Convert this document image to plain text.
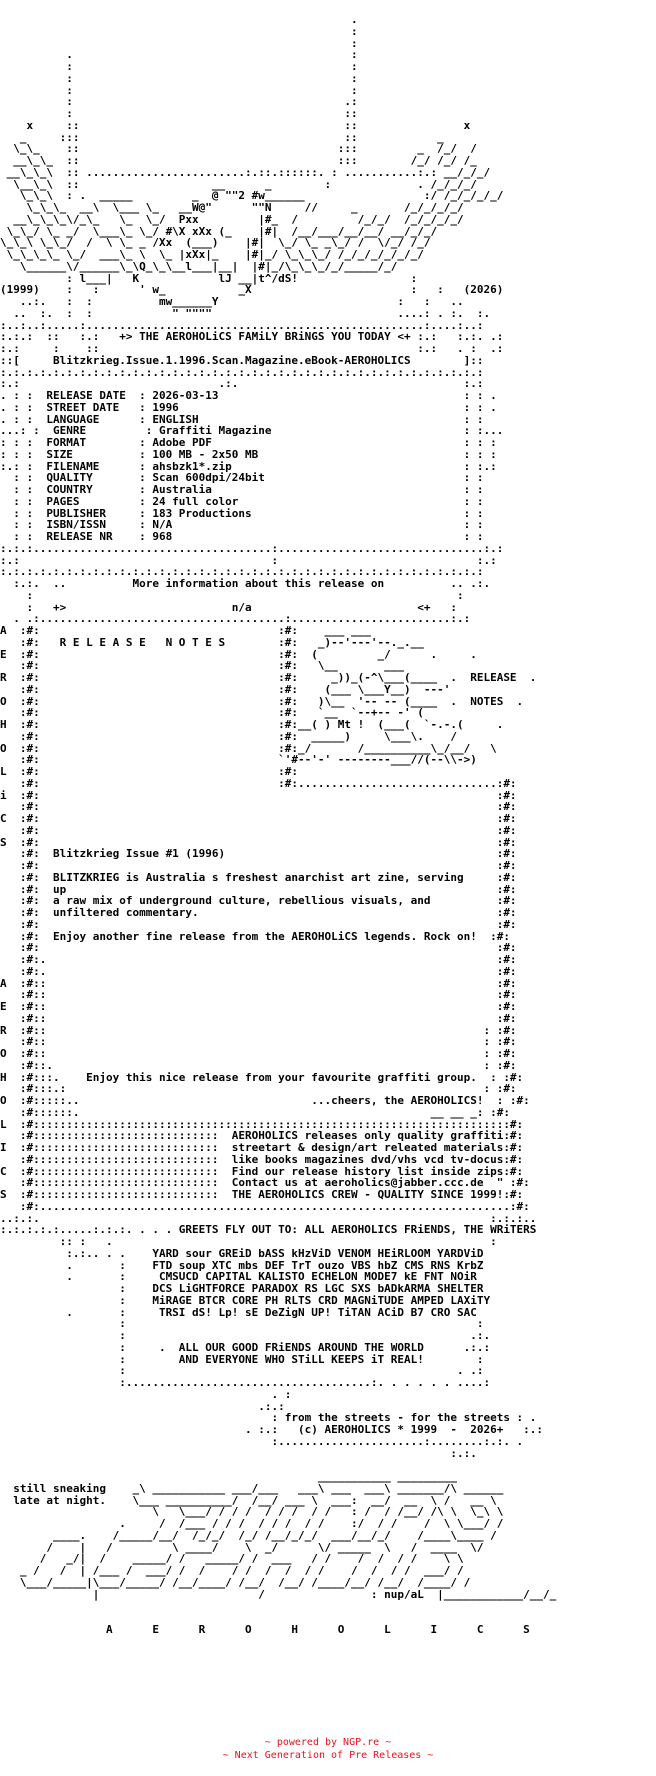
.
:
:
.                                          :
:                                          :
:                                          :
:                                          :
:                                         .:
:                                         ::
x     ::                                        ::                x
_     :::                                        ::            _
\_\_    ::                                       :::         _  /_/  /
__\_\_  ::                                       :::        /_/ /_/ /_
__\_\_\  :: ........................:.::.::::::. : ...........:.: __/_/_/
\__\_\  ::                    __      _        :             . /_/_/_/
\_\_\  : .  _____         _  @ ""2 #w______                  :/ /_/_/_/_/
\_\_\_  __\  \___ \_   __W@"      ""N     //     _       /_/_/_/_/
__\_\_\_\/_\_   \_  \_/  Pxx         |#_  /         /_/_/  /_/_/_/_/
\_\_/ \_ _/  \___\_ \_/ #\X xXx (_    |#|  /__/___/__/__/ __/_/_/
\_\_\ \_\_/  /  \ \_ _ /Xx  (___)    |#|  \_/ \_ _\_/ /  \/_/ /_/
\_\_\_\_ \_/  ___\_ \  \_ |xXx|_    |#|_/ \_\_\_/ /_/_/_/_/_/_/
\______\/______\_\Q_\_\__l___|__|  |#|_/\_\_\_/_/_____/_/
: l___|   K            lJ __|t^/dS!                 :
(1999)    :   :      ' w_           _X                        :   :   (2026)
..:.   :  :          mw______Y                           :   :   ..
..  :.  :  :            " """"                            ....: . :.  :.
:..:..:.....:...................................................:....:..:
:.:.:  ::   :.:   +> THE AEROHOLiCS FAMiLY BRiNGS YOU TODAY <+ :.:   :.:. .:
:.:     :    ::                                                :.:   . :  .:
::[     Blitzkrieg.Issue.1.1996.Scan.Magazine.eBook-AEROHOLICS        ]::
:.:.:.:.:.:.:.:.:.:.:.:.:.:.:.:.:.:.:.:.:.:.:.:.:.:.:.:.:.:.:.:.:.:.:.:.:
:.:                              .:.                                  :.:
. : :  RELEASE DATE  : 2026-03-13                                     : : .
. : :  STREET DATE   : 1996                                           : : .
. : :  LANGUAGE      : ENGLISH                                        : :
...: :  GENRE         : Graffiti Magazine                             : :...
: : :  FORMAT        : Adobe PDF                                      : : :
: : :  SIZE          : 100 MB - 2x50 MB                               : : :
:.: :  FILENAME      : ahsbzk1*.zip                                   : :.:
: :  QUALITY       : Scan 600dpi/24bit                              : :
: :  COUNTRY       : Australia                                      : :
: :  PAGES         : 24 full color                                  : :
: :  PUBLISHER     : 183 Productions                                : :
: :  ISBN/ISSN     : N/A                                            : :
: :  RELEASE NR    : 968                                            : :
:.:.:....................................:...............................:.:
:.:                                      :                              :.:
:.:.:.:.:.:.:.:.:.:.:.:.:.:.:.:.:.:.:.:.:.:.:.:.:.:.:.:.:.:.:.:.:.:.:.:.:
:.:.  ..          More information about this release on          .. .:.
:                                                                :
:   +>                         n/a                         <+   :
. .:.....................................:........................:.:
A  :#:                                    :#:    ___ ___
:#:   R E L E A S E   N O T E S        :#:   _)--'---'--._.__
E  :#:                                    :#:  (         _/      .     .
:#:                                    :#:   \__       ___
R  :#:                                    :#:     _))_(-^\___(____  .  RELEASE  .
:#:                                    :#:    (___ \___Y__)  ---'
O  :#:                                    :#:   )\__  '-- -- (____  .  NOTES  .
:#:                                    :#:   `__  `--+-- -' (
H  :#:                                    :#:__( ) Mt !  (___(  `-.-.(     .
:#:                                    :#:  _____)     \___\.    /
O  :#:                                    :#:_/       /__________\_/__/   \
:#:                                    `'#--'-' --------___//(--\\->)
L  :#:                                    :#:
:#:                                    :#:..............................:#:
i  :#:                                                                     :#:
:#:                                                                     :#:
C  :#:                                                                     :#:
:#:                                                                     :#:
S  :#:                                                                     :#:
:#:  Blitzkrieg Issue #1 (1996)                                         :#:
:#:                                                                     :#:
:#:  BLITZKRIEG is Australia s freshest anarchist art zine, serving     :#:
:#:  up                                                                 :#:
:#:  a raw mix of underground culture, rebellious visuals, and          :#:
:#:  unfiltered commentary.                                             :#:
:#:                                                                     :#:
:#:  Enjoy another fine release from the AEROHOLiCS legends. Rock on!  :#:
:#:                                                                     :#:
:#:.                                                                    :#:
:#:.                                                                    :#:
A  :#::                                                                    :#:
:#::                                                                    :#:
E  :#::                                                                    :#:
:#::                                                                    :#:
R  :#::                                                                  : :#:
:#::                                                                  : :#:
O  :#::                                                                  : :#:
:#::.                                                                 : :#:
H  :#:::.    Enjoy this nice release from your favourite graffiti group.  : :#:
:#:::.:                                                               : :#:
O  :#:::::..                                   ...cheers, the AEROHOLICS!  : :#:
:#::::::.                                                     __ __ _: :#:
L  :#::::::::::::::::::::::::::::::::::::::::::::::::::::::::::::::::::::::::#:
:#::::::::::::::::::::::::::::  AEROHOLICS releases only quality graffiti:#:
I  :#::::::::::::::::::::::::::::  streetart & design/art releated materials:#:
:#::::::::::::::::::::::::::::  like books magazines dvd/vhs vcd tv-docus:#:
C  :#::::::::::::::::::::::::::::  Find our release history list inside zips:#:
:#::::::::::::::::::::::::::::  Contact us at aeroholics@jabber.ccc.de  " :#:
S  :#::::::::::::::::::::::::::::  THE AEROHOLICS CREW - QUALITY SINCE 1999!:#:
:#:.......................................................................:#:
..:.:.                                                                    :.:.:..
:.:.:.:.:.....:.:.:. . . . GREETS FLY OUT TO: ALL AEROHOLICS FRiENDS, THE WRiTERS
:: :   .                                                         :
:.:.. . .    YARD sour GREiD bASS kHzViD VENOM HEiRLOOM YARDViD
.       :    FTD soup XTC mbs DEF TrT ouzo VBS hbZ CMS RNS KrbZ
.       :     CMSUCD CAPITAL KALISTO ECHELON MODE7 kE FNT NOiR
:    DCS LiGHTFORCE PARADOX RS LGC SXS bADkARMA SHELTER
:    MiRAGE BTCR CORE PH RLTS CRD MAGNiTUDE AMPED LAXiTY
.       :     TRSI dS! Lp! sE DeZigN UP! TiTAN ACiD B7 CRO SAC
:                                                     :
:                                                    .:.
:     .  ALL OUR GOOD FRiENDS AROUND THE WORLD      .:.:
:        AND EVERYONE WHO STiLL KEEPS iT REAL!        :
:                                                  . .:
:.....................................:. . . . . . ....:
. :
.:.:
: from the streets - for the streets : .
. :.:   (c) AEROHOLICS * 1999  -  2026+   :.:
:......................:........:.:. .
:.:.

___________ _________
still sneaking    _\ ___________ ___/___   ___\ ___  ___\ _______/\ ______
late at night.    \___ __________/  /__/ ___ \  ___:  __/  __  \ /   __ \
\   \___/ / / /  / / /  / /   : /  / /__/ /\ \  \_\ \
.     /  /___ / / /  / / /  / /    :/  / /    /  \ \___/ /
____.    /_____/__/  /_/_/  /_/ /__/_/_/  ___/__/_/    /____\____ /
/    |   /         \ ____/    \  _/      \/ _____  \   /  ____  \/
/   _/|  /    _____/ /   _____/ /  ___   / /    /  /  / /    \ \
_ /   /  | /___ /  ___/ /  /    / /  /  /  / /    /  /  / /  ___/ /
\___/_____|\___/_____/ /__/____/ /__/  /__/ /____/__/ /__/  /____/ /
|                        /                : nup/aL  |____________/__/_

A      E      R      O      H      O      L      I      C      S

~ powered by NGP.re ~
~ Next Generation of Pre Releases ~
